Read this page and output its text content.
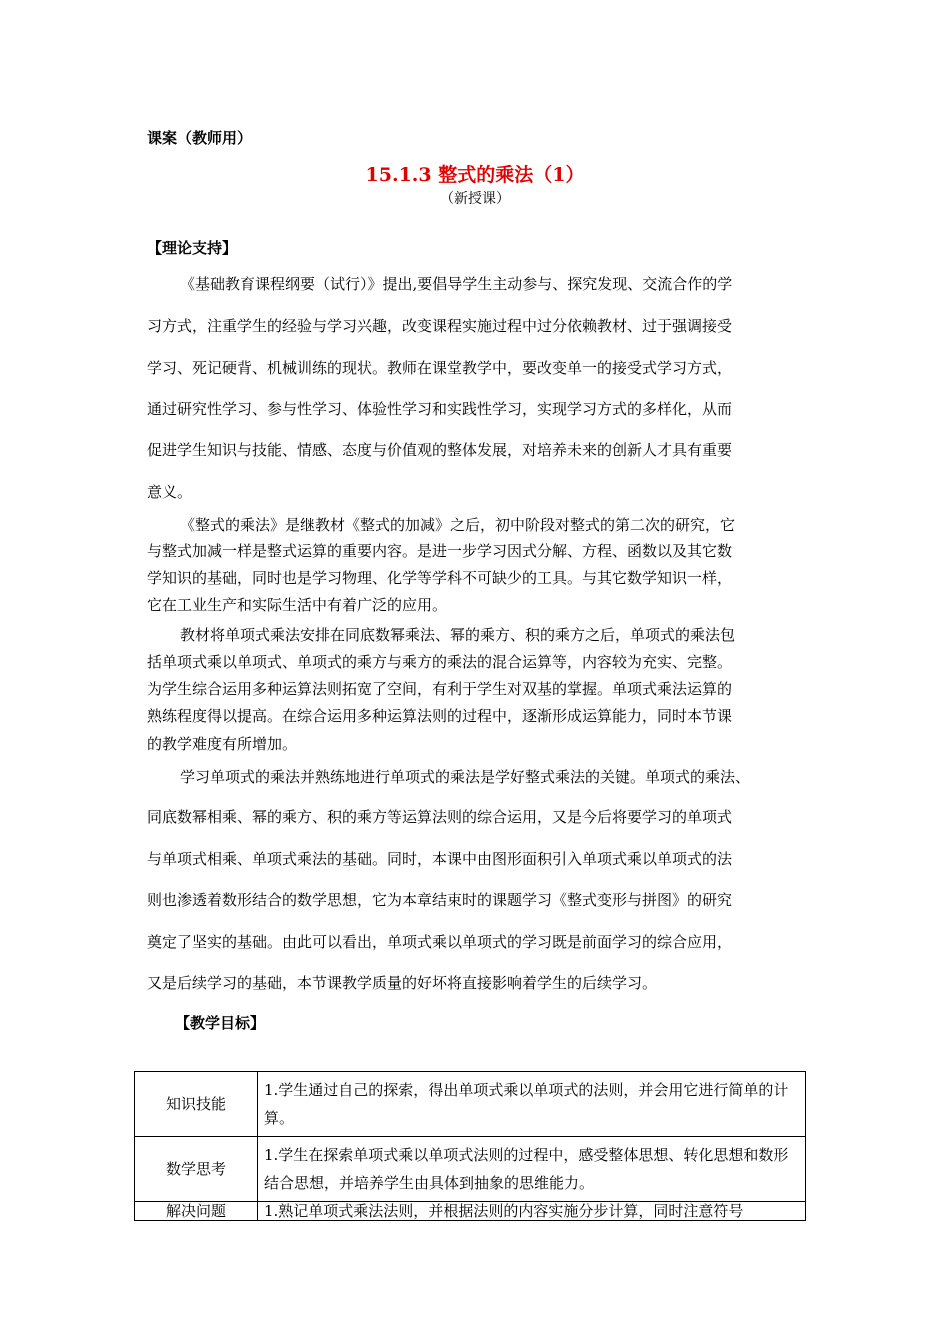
课案（教师用）
15.1.3 整式的乘法（1）
（新授课）
【理论支持】
《基础教育课程纲要（试行）》提出,要倡导学生主动参与、探究发现、交流合作的学
习方式，注重学生的经验与学习兴趣，改变课程实施过程中过分依赖教材、过于强调接受
学习、死记硬背、机械训练的现状。教师在课堂教学中，要改变单一的接受式学习方式，
通过研究性学习、参与性学习、体验性学习和实践性学习，实现学习方式的多样化，从而
促进学生知识与技能、情感、态度与价值观的整体发展，对培养未来的创新人才具有重要
意义。
《整式的乘法》是继教材《整式的加减》之后，初中阶段对整式的第二次的研究，它
与整式加减一样是整式运算的重要内容。是进一步学习因式分解、方程、函数以及其它数
学知识的基础，同时也是学习物理、化学等学科不可缺少的工具。与其它数学知识一样，
它在工业生产和实际生活中有着广泛的应用。
教材将单项式乘法安排在同底数幂乘法、幂的乘方、积的乘方之后，单项式的乘法包
括单项式乘以单项式、单项式的乘方与乘方的乘法的混合运算等，内容较为充实、完整。
为学生综合运用多种运算法则拓宽了空间，有利于学生对双基的掌握。单项式乘法运算的
熟练程度得以提高。在综合运用多种运算法则的过程中，逐渐形成运算能力，同时本节课
的教学难度有所增加。
学习单项式的乘法并熟练地进行单项式的乘法是学好整式乘法的关键。单项式的乘法、
同底数幂相乘、幂的乘方、积的乘方等运算法则的综合运用，又是今后将要学习的单项式
与单项式相乘、单项式乘法的基础。同时，本课中由图形面积引入单项式乘以单项式的法
则也渗透着数形结合的数学思想，它为本章结束时的课题学习《整式变形与拼图》的研究
奠定了坚实的基础。由此可以看出，单项式乘以单项式的学习既是前面学习的综合应用，
又是后续学习的基础，本节课教学质量的好坏将直接影响着学生的后续学习。
【教学目标】
知识技能	1.学生通过自己的探索，得出单项式乘以单项式的法则，并会用它进行简单的计算。
数学思考	1.学生在探索单项式乘以单项式法则的过程中，感受整体思想、转化思想和数形结合思想，并培养学生由具体到抽象的思维能力。
解决问题	1.熟记单项式乘法法则，并根据法则的内容实施分步计算，同时注意符号
